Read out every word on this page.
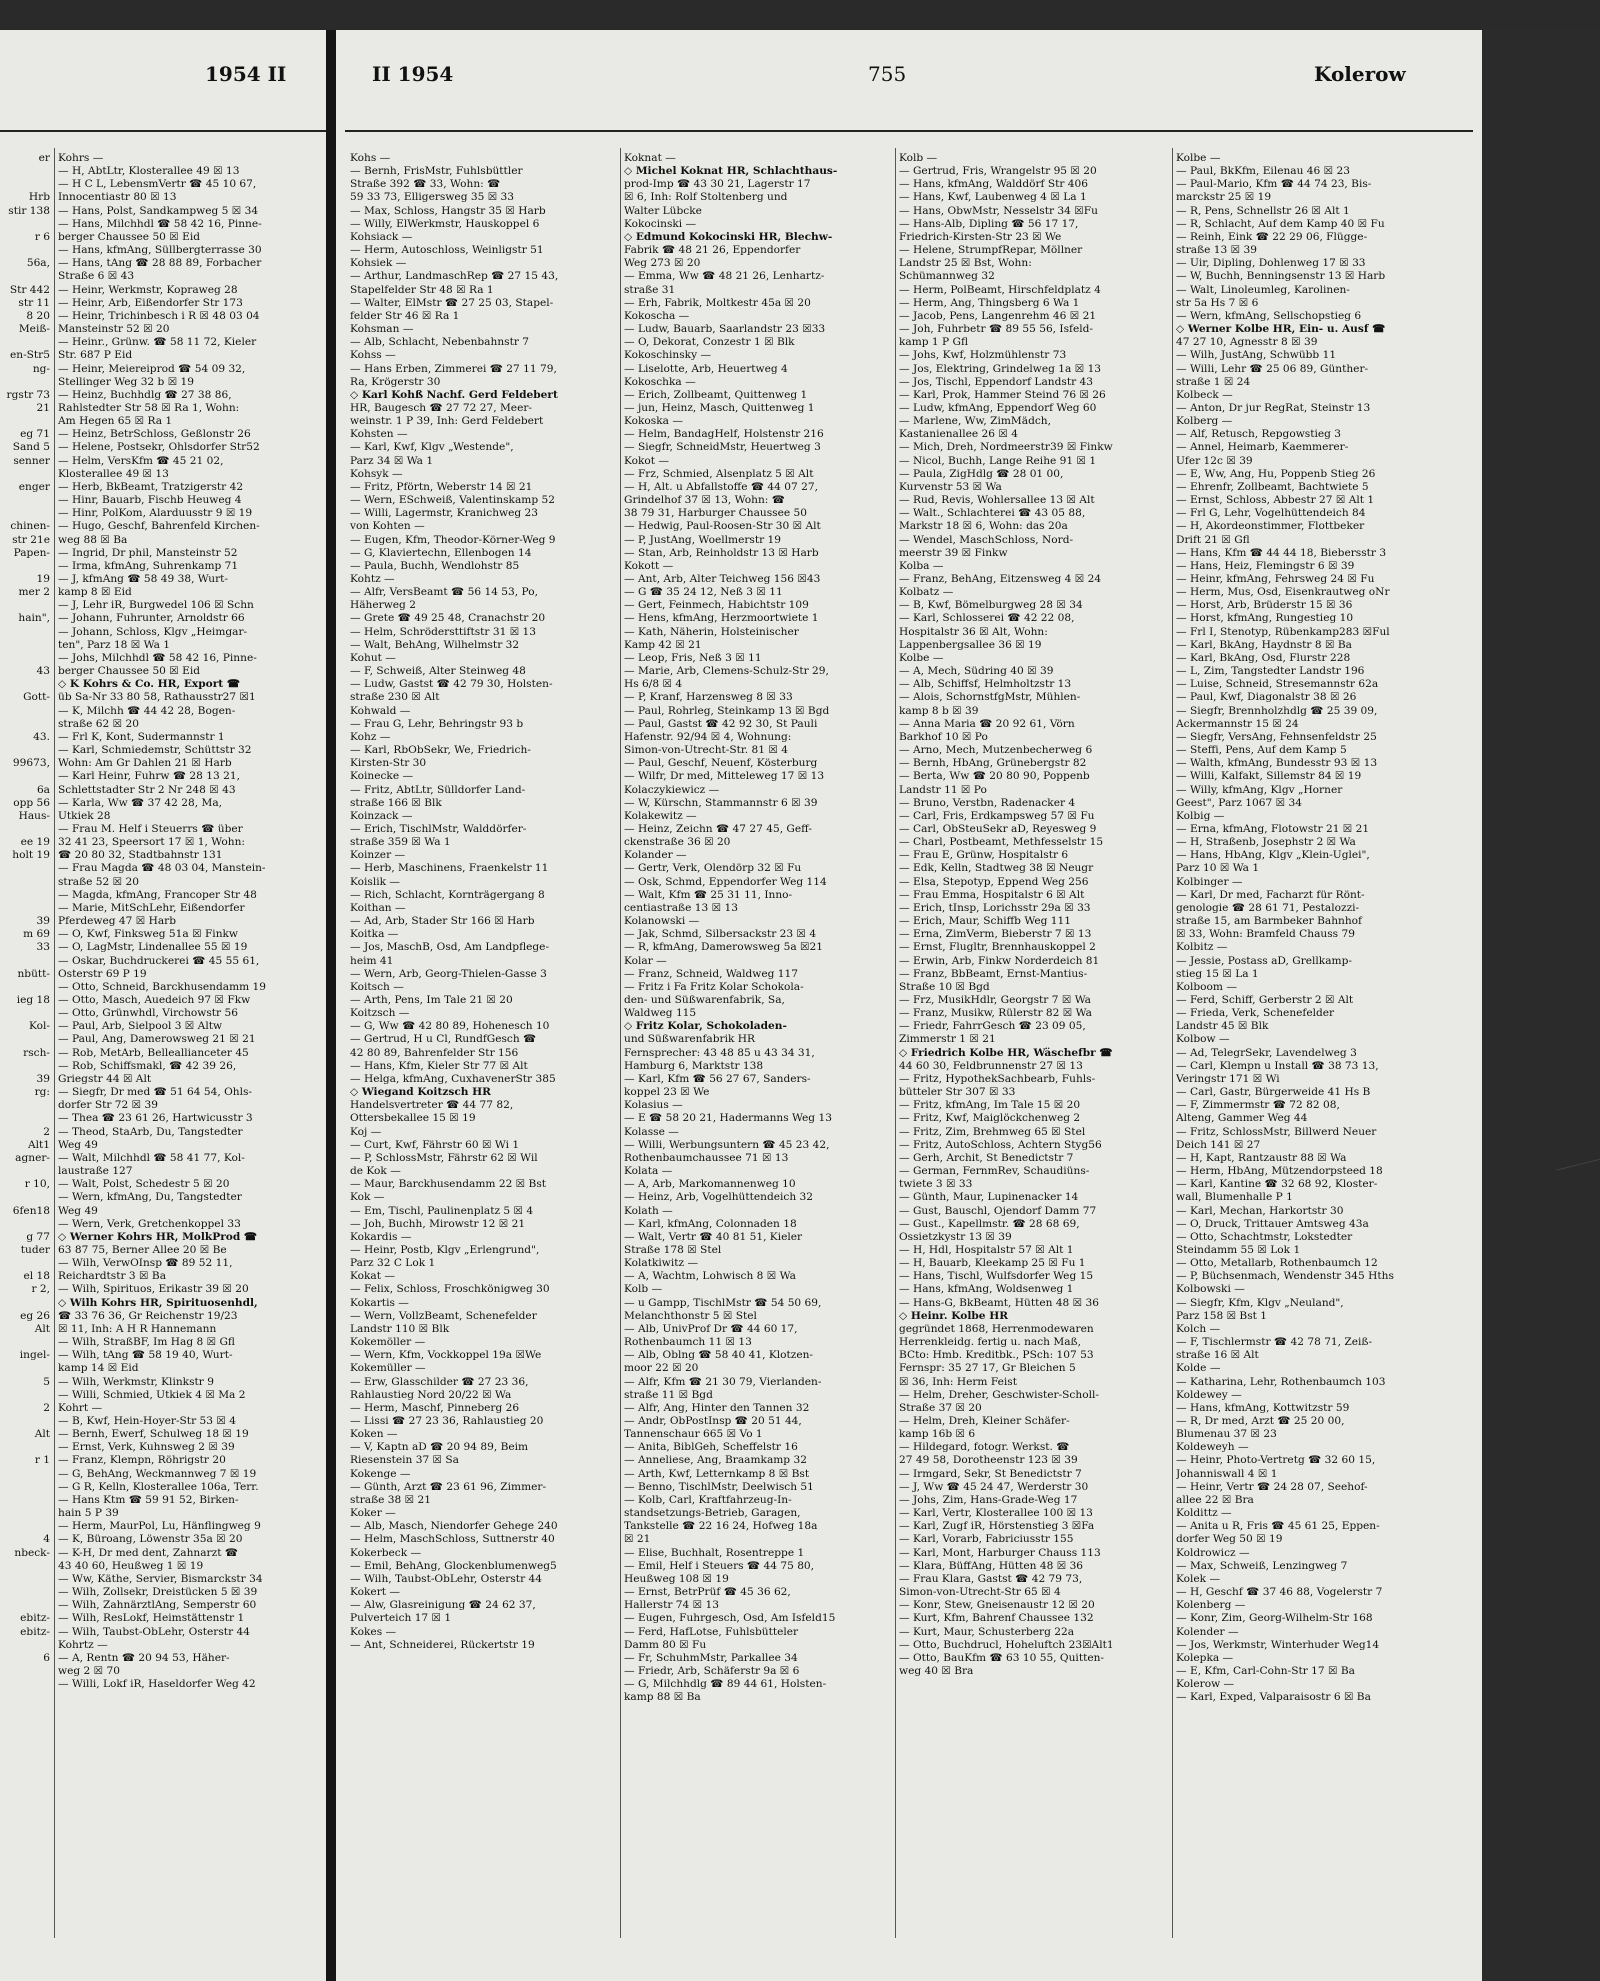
1954 II	II 1954	755	Kolerow
er

Hrb
stir 138

r 6

56a,

Str 442
str 11
8 20
Meiß-

en-Str5
ng-

rgstr 73
21

eg 71
Sand 5
senner

enger

chinen-
str 21e
Papen-

19
mer 2

hain",

43

Gott-

43.

99673,

6a
opp 56
Haus-

ee 19
holt 19

39
m 69
33

nbütt-

ieg 18

Kol-

rsch-

39
rg:

2
Alt1
agner-

r 10,

6fen18

g 77
tuder

el 18
r 2,

eg 26
Alt

ingel-

5

2

Alt

r 1

4
nbeck-

ebitz-
ebitz-

6
Kohrs —
— H, AbtLtr, Klosterallee 49 ☒ 13
— H C L, LebensmVertr ☎ 45 10 67,
Innocentiastr 80 ☒ 13
— Hans, Polst, Sandkampweg 5 ☒ 34
— Hans, Milchhdl ☎ 58 42 16, Pinne-
berger Chaussee 50 ☒ Eid
— Hans, kfmAng, Süllbergterrasse 30
— Hans, tAng ☎ 28 88 89, Forbacher
Straße 6 ☒ 43
— Heinr, Werkmstr, Kopraweg 28
— Heinr, Arb, Eißendorfer Str 173
— Heinr, Trichinbesch i R ☒ 48 03 04
Mansteinstr 52 ☒ 20
— Heinr., Grünw. ☎ 58 11 72, Kieler
Str. 687 P Eid
— Heinr, Meiereiprod ☎ 54 09 32,
Stellinger Weg 32 b ☒ 19
— Heinz, Buchhdlg ☎ 27 38 86,
Rahlstedter Str 58 ☒ Ra 1, Wohn:
Am Hegen 65 ☒ Ra 1
— Heinz, BetrSchloss, Geßlonstr 26
— Helene, Postsekr, Ohlsdorfer Str52
— Helm, VersKfm ☎ 45 21 02,
Klosterallee 49 ☒ 13
— Herb, BkBeamt, Tratzigerstr 42
— Hinr, Bauarb, Fischb Heuweg 4
— Hinr, PolKom, Alarduusstr 9 ☒ 19
— Hugo, Geschf, Bahrenfeld Kirchen-
weg 88 ☒ Ba
— Ingrid, Dr phil, Mansteinstr 52
— Irma, kfmAng, Suhrenkamp 71
— J, kfmAng ☎ 58 49 38, Wurt-
kamp 8 ☒ Eid
— J, Lehr iR, Burgwedel 106 ☒ Schn
— Johann, Fuhrunter, Arnoldstr 66
— Johann, Schloss, Klgv „Heimgar-
ten", Parz 18 ☒ Wa 1
— Johs, Milchhdl ☎ 58 42 16, Pinne-
berger Chaussee 50 ☒ Eid
◇ K Kohrs & Co. HR, Export ☎
üb Sa-Nr 33 80 58, Rathausstr27 ☒1
— K, Milchh ☎ 44 42 28, Bogen-
straße 62 ☒ 20
— Frl K, Kont, Sudermannstr 1
— Karl, Schmiedemstr, Schüttstr 32
Wohn: Am Gr Dahlen 21 ☒ Harb
— Karl Heinr, Fuhrw ☎ 28 13 21,
Schlettstadter Str 2 Nr 248 ☒ 43
— Karla, Ww ☎ 37 42 28, Ma,
Utkiek 28
— Frau M. Helf i Steuerrs ☎ über
32 41 23, Speersort 17 ☒ 1, Wohn:
☎ 20 80 32, Stadtbahnstr 131
— Frau Magda ☎ 48 03 04, Manstein-
straße 52 ☒ 20
— Magda, kfmAng, Francoper Str 48
— Marie, MitSchLehr, Eißendorfer
Pferdeweg 47 ☒ Harb
— O, Kwf, Finksweg 51a ☒ Finkw
— O, LagMstr, Lindenallee 55 ☒ 19
— Oskar, Buchdruckerei ☎ 45 55 61,
Osterstr 69 P 19
— Otto, Schneid, Barckhusendamm 19
— Otto, Masch, Auedeich 97 ☒ Fkw
— Otto, Grünwhdl, Virchowstr 56
— Paul, Arb, Sielpool 3 ☒ Altw
— Paul, Ang, Damerowsweg 21 ☒ 21
— Rob, MetArb, Belleallianceter 45
— Rob, Schiffsmakl, ☎ 42 39 26,
Griegstr 44 ☒ Alt
— Siegfr, Dr med ☎ 51 64 54, Ohls-
dorfer Str 72 ☒ 39
— Thea ☎ 23 61 26, Hartwicusstr 3
— Theod, StaArb, Du, Tangstedter
Weg 49
— Walt, Milchhdl ☎ 58 41 77, Kol-
laustraße 127
— Walt, Polst, Schedestr 5 ☒ 20
— Wern, kfmAng, Du, Tangstedter
Weg 49
— Wern, Verk, Gretchenkoppel 33
◇ Werner Kohrs HR, MolkProd ☎
63 87 75, Berner Allee 20 ☒ Be
— Wilh, VerwOInsp ☎ 89 52 11,
Reichardtstr 3 ☒ Ba
— Wilh, Spirituos, Erikastr 39 ☒ 20
◇ Wilh Kohrs HR, Spirituosenhdl,
☎ 33 76 36, Gr Reichenstr 19/23
☒ 11, Inh: A H R Hannemann
— Wilh, StraßBF, Im Hag 8 ☒ Gfl
— Wilh, tAng ☎ 58 19 40, Wurt-
kamp 14 ☒ Eid
— Wilh, Werkmstr, Klinkstr 9
— Willi, Schmied, Utkiek 4 ☒ Ma 2
Kohrt —
— B, Kwf, Hein-Hoyer-Str 53 ☒ 4
— Bernh, Ewerf, Schulweg 18 ☒ 19
— Ernst, Verk, Kuhnsweg 2 ☒ 39
— Franz, Klempn, Röhrigstr 20
— G, BehAng, Weckmannweg 7 ☒ 19
— G R, Kelln, Klosterallee 106a, Terr.
— Hans Ktm ☎ 59 91 52, Birken-
hain 5 P 39
— Herm, MaurPol, Lu, Hänflingweg 9
— K, Büroang, Löwenstr 35a ☒ 20
— K-H, Dr med dent, Zahnarzt ☎
43 40 60, Heußweg 1 ☒ 19
— Ww, Käthe, Servier, Bismarckstr 34
— Wilh, Zollsekr, Dreistücken 5 ☒ 39
— Wilh, ZahnärztlAng, Semperstr 60
— Wilh, ResLokf, Heimstättenstr 1
— Wilh, Taubst-ObLehr, Osterstr 44
Kohrtz —
— A, Rentn ☎ 20 94 53, Häher-
weg 2 ☒ 70
— Willi, Lokf iR, Haseldorfer Weg 42
Kohs —
— Bernh, FrisMstr, Fuhlsbüttler
Straße 392 ☎ 33, Wohn: ☎
59 33 73, Elligersweg 35 ☒ 33
— Max, Schloss, Hangstr 35 ☒ Harb
— Willy, ElWerkmstr, Hauskoppel 6
Kohsiack —
— Herm, Autoschloss, Weinligstr 51
Kohsiek —
— Arthur, LandmaschRep ☎ 27 15 43,
Stapelfelder Str 48 ☒ Ra 1
— Walter, ElMstr ☎ 27 25 03, Stapel-
felder Str 46 ☒ Ra 1
Kohsman —
— Alb, Schlacht, Nebenbahnstr 7
Kohss —
— Hans Erben, Zimmerei ☎ 27 11 79,
Ra, Krögerstr 30
◇ Karl Kohß Nachf. Gerd Feldebert
HR, Baugesch ☎ 27 72 27, Meer-
weinstr. 1 P 39, Inh: Gerd Feldebert
Kohsten —
— Karl, Kwf, Klgv „Westende",
Parz 34 ☒ Wa 1
Kohsyk —
— Fritz, Pförtn, Weberstr 14 ☒ 21
— Wern, ESchweiß, Valentinskamp 52
— Willi, Lagermstr, Kranichweg 23
von Kohten —
— Eugen, Kfm, Theodor-Körner-Weg 9
— G, Klaviertechn, Ellenbogen 14
— Paula, Buchh, Wendlohstr 85
Kohtz —
— Alfr, VersBeamt ☎ 56 14 53, Po,
Häherweg 2
— Grete ☎ 49 25 48, Cranachstr 20
— Helm, Schrödersttiftstr 31 ☒ 13
— Walt, BehAng, Wilhelmstr 32
Kohut —
— F, Schweiß, Alter Steinweg 48
— Ludw, Gastst ☎ 42 79 30, Holsten-
straße 230 ☒ Alt
Kohwald —
— Frau G, Lehr, Behringstr 93 b
Kohz —
— Karl, RbObSekr, We, Friedrich-
Kirsten-Str 30
Koinecke —
— Fritz, AbtLtr, Sülldorfer Land-
straße 166 ☒ Blk
Koinzack —
— Erich, TischlMstr, Walddörfer-
straße 359 ☒ Wa 1
Koinzer —
— Herb, Maschinens, Fraenkelstr 11
Koislik —
— Rich, Schlacht, Kornträgergang 8
Koithan —
— Ad, Arb, Stader Str 166 ☒ Harb
Koitka —
— Jos, MaschB, Osd, Am Landpflege-
heim 41
— Wern, Arb, Georg-Thielen-Gasse 3
Koitsch —
— Arth, Pens, Im Tale 21 ☒ 20
Koitzsch —
— G, Ww ☎ 42 80 89, Hohenesch 10
— Gertrud, H u Cl, RundfGesch ☎
42 80 89, Bahrenfelder Str 156
— Hans, Kfm, Kieler Str 77 ☒ Alt
— Helga, kfmAng, CuxhavenerStr 385
◇ Wiegand Koitzsch HR
Handelsvertreter ☎ 44 77 82,
Ottersbekallee 15 ☒ 19
Koj —
— Curt, Kwf, Fährstr 60 ☒ Wi 1
— P, SchlossMstr, Fährstr 62 ☒ Wil
de Kok —
— Maur, Barckhusendamm 22 ☒ Bst
Kok —
— Em, Tischl, Paulinenplatz 5 ☒ 4
— Joh, Buchh, Mirowstr 12 ☒ 21
Kokardis —
— Heinr, Postb, Klgv „Erlengrund",
Parz 32 C Lok 1
Kokat —
— Felix, Schloss, Froschkönigweg 30
Kokartis —
— Wern, VollzBeamt, Schenefelder
Landstr 110 ☒ Blk
Kokemöller —
— Wern, Kfm, Vockkoppel 19a ☒We
Kokemüller —
— Erw, Glasschilder ☎ 27 23 36,
Rahlaustieg Nord 20/22 ☒ Wa
— Herm, Maschf, Pinneberg 26
— Lissi ☎ 27 23 36, Rahlaustieg 20
Koken —
— V, Kaptn aD ☎ 20 94 89, Beim
Riesenstein 37 ☒ Sa
Kokenge —
— Günth, Arzt ☎ 23 61 96, Zimmer-
straße 38 ☒ 21
Koker —
— Alb, Masch, Niendorfer Gehege 240
— Helm, MaschSchloss, Suttnerstr 40
Kokerbeck —
— Emil, BehAng, Glockenblumenweg5
— Wilh, Taubst-ObLehr, Osterstr 44
Kokert —
— Alw, Glasreinigung ☎ 24 62 37,
Pulverteich 17 ☒ 1
Kokes —
— Ant, Schneiderei, Rückertstr 19
Koknat —
◇ Michel Koknat HR, Schlachthaus-
prod-Imp ☎ 43 30 21, Lagerstr 17
☒ 6, Inh: Rolf Stoltenberg und
Walter Lübcke
Kokocinski —
◇ Edmund Kokocinski HR, Blechw-
Fabrik ☎ 48 21 26, Eppendorfer
Weg 273 ☒ 20
— Emma, Ww ☎ 48 21 26, Lenhartz-
straße 31
— Erh, Fabrik, Moltkestr 45a ☒ 20
Kokoscha —
— Ludw, Bauarb, Saarlandstr 23 ☒33
— O, Dekorat, Conzestr 1 ☒ Blk
Kokoschinsky —
— Liselotte, Arb, Heuertweg 4
Kokoschka —
— Erich, Zollbeamt, Quittenweg 1
— jun, Heinz, Masch, Quittenweg 1
Kokoska —
— Helm, BandagHelf, Holstenstr 216
— Siegfr, SchneidMstr, Heuertweg 3
Kokot —
— Frz, Schmied, Alsenplatz 5 ☒ Alt
— H, Alt. u Abfallstoffe ☎ 44 07 27,
Grindelhof 37 ☒ 13, Wohn: ☎
38 79 31, Harburger Chaussee 50
— Hedwig, Paul-Roosen-Str 30 ☒ Alt
— P, JustAng, Woellmerstr 19
— Stan, Arb, Reinholdstr 13 ☒ Harb
Kokott —
— Ant, Arb, Alter Teichweg 156 ☒43
— G ☎ 35 24 12, Neß 3 ☒ 11
— Gert, Feinmech, Habichtstr 109
— Hens, kfmAng, Herzmoortwiete 1
— Kath, Näherin, Holsteinischer
Kamp 42 ☒ 21
— Leop, Fris, Neß 3 ☒ 11
— Marie, Arb, Clemens-Schulz-Str 29,
Hs 6/8 ☒ 4
— P, Kranf, Harzensweg 8 ☒ 33
— Paul, Rohrleg, Steinkamp 13 ☒ Bgd
— Paul, Gastst ☎ 42 92 30, St Pauli
Hafenstr. 92/94 ☒ 4, Wohnung:
Simon-von-Utrecht-Str. 81 ☒ 4
— Paul, Geschf, Neuenf, Kösterburg
— Wilfr, Dr med, Mitteleweg 17 ☒ 13
Kolaczykiewicz —
— W, Kürschn, Stammannstr 6 ☒ 39
Kolakewitz —
— Heinz, Zeichn ☎ 47 27 45, Geff-
ckenstraße 36 ☒ 20
Kolander —
— Gertr, Verk, Olendörp 32 ☒ Fu
— Osk, Schmd, Eppendorfer Weg 114
— Walt, Kfm ☎ 25 31 11, Inno-
centiastraße 13 ☒ 13
Kolanowski —
— Jak, Schmd, Silbersackstr 23 ☒ 4
— R, kfmAng, Damerowsweg 5a ☒21
Kolar —
— Franz, Schneid, Waldweg 117
— Fritz i Fa Fritz Kolar Schokola-
den- und Süßwarenfabrik, Sa,
Waldweg 115
◇ Fritz Kolar, Schokoladen-
und Süßwarenfabrik HR
Fernsprecher: 43 48 85 u 43 34 31,
Hamburg 6, Marktstr 138
— Karl, Kfm ☎ 56 27 67, Sanders-
koppel 23 ☒ We
Kolasius —
— E ☎ 58 20 21, Hadermanns Weg 13
Kolasse —
— Willi, Werbungsuntern ☎ 45 23 42,
Rothenbaumchaussee 71 ☒ 13
Kolata —
— A, Arb, Markomannenweg 10
— Heinz, Arb, Vogelhüttendeich 32
Kolath —
— Karl, kfmAng, Colonnaden 18
— Walt, Vertr ☎ 40 81 51, Kieler
Straße 178 ☒ Stel
Kolatkiwitz —
— A, Wachtm, Lohwisch 8 ☒ Wa
Kolb —
— u Gampp, TischlMstr ☎ 54 50 69,
Melanchthonstr 5 ☒ Stel
— Alb, UnivProf Dr ☎ 44 60 17,
Rothenbaumch 11 ☒ 13
— Alb, Oblng ☎ 58 40 41, Klotzen-
moor 22 ☒ 20
— Alfr, Kfm ☎ 21 30 79, Vierlanden-
straße 11 ☒ Bgd
— Alfr, Ang, Hinter den Tannen 32
— Andr, ObPostInsp ☎ 20 51 44,
Tannenschaur 665 ☒ Vo 1
— Anita, BiblGeh, Scheffelstr 16
— Anneliese, Ang, Braamkamp 32
— Arth, Kwf, Letternkamp 8 ☒ Bst
— Benno, TischlMstr, Deelwisch 51
— Kolb, Carl, Kraftfahrzeug-In-
standsetzungs-Betrieb, Garagen,
Tankstelle ☎ 22 16 24, Hofweg 18a
☒ 21
— Elise, Buchhalt, Rosentreppe 1
— Emil, Helf i Steuers ☎ 44 75 80,
Heußweg 108 ☒ 19
— Ernst, BetrPrüf ☎ 45 36 62,
Hallerstr 74 ☒ 13
— Eugen, Fuhrgesch, Osd, Am Isfeld15
— Ferd, HafLotse, Fuhlsbütteler
Damm 80 ☒ Fu
— Fr, SchuhmMstr, Parkallee 34
— Friedr, Arb, Schäferstr 9a ☒ 6
— G, Milchhdlg ☎ 89 44 61, Holsten-
kamp 88 ☒ Ba
Kolb —
— Gertrud, Fris, Wrangelstr 95 ☒ 20
— Hans, kfmAng, Walddörf Str 406
— Hans, Kwf, Laubenweg 4 ☒ La 1
— Hans, ObwMstr, Nesselstr 34 ☒Fu
— Hans-Alb, Dipling ☎ 56 17 17,
Friedrich-Kirsten-Str 23 ☒ We
— Helene, StrumpfRepar, Möllner
Landstr 25 ☒ Bst, Wohn:
Schümannweg 32
— Herm, PolBeamt, Hirschfeldplatz 4
— Herm, Ang, Thingsberg 6 Wa 1
— Jacob, Pens, Langenrehm 46 ☒ 21
— Joh, Fuhrbetr ☎ 89 55 56, Isfeld-
kamp 1 P Gfl
— Johs, Kwf, Holzmühlenstr 73
— Jos, Elektring, Grindelweg 1a ☒ 13
— Jos, Tischl, Eppendorf Landstr 43
— Karl, Prok, Hammer Steind 76 ☒ 26
— Ludw, kfmAng, Eppendorf Weg 60
— Marlene, Ww, ZimMädch,
Kastanienallee 26 ☒ 4
— Mich, Dreh, Nordmeerstr39 ☒ Finkw
— Nicol, Buchh, Lange Reihe 91 ☒ 1
— Paula, ZigHdlg ☎ 28 01 00,
Kurvenstr 53 ☒ Wa
— Rud, Revis, Wohlersallee 13 ☒ Alt
— Walt., Schlachterei ☎ 43 05 88,
Markstr 18 ☒ 6, Wohn: das 20a
— Wendel, MaschSchloss, Nord-
meerstr 39 ☒ Finkw
Kolba —
— Franz, BehAng, Eitzensweg 4 ☒ 24
Kolbatz —
— B, Kwf, Bömelburgweg 28 ☒ 34
— Karl, Schlosserei ☎ 42 22 08,
Hospitalstr 36 ☒ Alt, Wohn:
Lappenbergsallee 36 ☒ 19
Kolbe —
— A, Mech, Südring 40 ☒ 39
— Alb, Schiffsf, Helmholtzstr 13
— Alois, SchornstfgMstr, Mühlen-
kamp 8 b ☒ 39
— Anna Maria ☎ 20 92 61, Vörn
Barkhof 10 ☒ Po
— Arno, Mech, Mutzenbecherweg 6
— Bernh, HbAng, Grünebergstr 82
— Berta, Ww ☎ 20 80 90, Poppenb
Landstr 11 ☒ Po
— Bruno, Verstbn, Radenacker 4
— Carl, Fris, Erdkampsweg 57 ☒ Fu
— Carl, ObSteuSekr aD, Reyesweg 9
— Charl, Postbeamt, Methfesselstr 15
— Frau E, Grünw, Hospitalstr 6
— Edk, Kelln, Stadtweg 38 ☒ Neugr
— Elsa, Stepotyp, Eppend Weg 256
— Frau Emma, Hospitalstr 6 ☒ Alt
— Erich, tInsp, Lorichsstr 29a ☒ 33
— Erich, Maur, Schiffb Weg 111
— Erna, ZimVerm, Bieberstr 7 ☒ 13
— Ernst, Flugltr, Brennhauskoppel 2
— Erwin, Arb, Finkw Norderdeich 81
— Franz, BbBeamt, Ernst-Mantius-
Straße 10 ☒ Bgd
— Frz, MusikHdlr, Georgstr 7 ☒ Wa
— Franz, Musikw, Rülerstr 82 ☒ Wa
— Friedr, FahrrGesch ☎ 23 09 05,
Zimmerstr 1 ☒ 21
◇ Friedrich Kolbe HR, Wäschefbr ☎
44 60 30, Feldbrunnenstr 27 ☒ 13
— Fritz, HypothekSachbearb, Fuhls-
bütteler Str 307 ☒ 33
— Fritz, kfmAng, Im Tale 15 ☒ 20
— Fritz, Kwf, Maiglöckchenweg 2
— Fritz, Zim, Brehmweg 65 ☒ Stel
— Fritz, AutoSchloss, Achtern Styg56
— Gerh, Archit, St Benedictstr 7
— German, FernmRev, Schaudiüns-
twiete 3 ☒ 33
— Günth, Maur, Lupinenacker 14
— Gust, Bauschl, Ojendorf Damm 77
— Gust., Kapellmstr. ☎ 28 68 69,
Ossietzkystr 13 ☒ 39
— H, Hdl, Hospitalstr 57 ☒ Alt 1
— H, Bauarb, Kleekamp 25 ☒ Fu 1
— Hans, Tischl, Wulfsdorfer Weg 15
— Hans, kfmAng, Woldsenweg 1
— Hans-G, BkBeamt, Hütten 48 ☒ 36
◇ Heinr. Kolbe HR
gegründet 1868, Herrenmodewaren
Herrenkleidg. fertig u. nach Maß,
BCto: Hmb. Kreditbk., PSch: 107 53
Fernspr: 35 27 17, Gr Bleichen 5
☒ 36, Inh: Herm Feist
— Helm, Dreher, Geschwister-Scholl-
Straße 37 ☒ 20
— Helm, Dreh, Kleiner Schäfer-
kamp 16b ☒ 6
— Hildegard, fotogr. Werkst. ☎
27 49 58, Dorotheenstr 123 ☒ 39
— Irmgard, Sekr, St Benedictstr 7
— J, Ww ☎ 45 24 47, Werderstr 30
— Johs, Zim, Hans-Grade-Weg 17
— Karl, Vertr, Klosterallee 100 ☒ 13
— Karl, Zugf iR, Hörstenstieg 3 ☒Fa
— Karl, Vorarb, Fabriciusstr 155
— Karl, Mont, Harburger Chauss 113
— Klara, BüffAng, Hütten 48 ☒ 36
— Frau Klara, Gastst ☎ 42 79 73,
Simon-von-Utrecht-Str 65 ☒ 4
— Konr, Stew, Gneisenaustr 12 ☒ 20
— Kurt, Kfm, Bahrenf Chaussee 132
— Kurt, Maur, Schusterberg 22a
— Otto, Buchdrucl, Hoheluftch 23☒Alt1
— Otto, BauKfm ☎ 63 10 55, Quitten-
weg 40 ☒ Bra
Kolbe —
— Paul, BkKfm, Eilenau 46 ☒ 23
— Paul-Mario, Kfm ☎ 44 74 23, Bis-
marckstr 25 ☒ 19
— R, Pens, Schnellstr 26 ☒ Alt 1
— R, Schlacht, Auf dem Kamp 40 ☒ Fu
— Reinh, Eink ☎ 22 29 06, Flügge-
straße 13 ☒ 39
— Uir, Dipling, Dohlenweg 17 ☒ 33
— W, Buchh, Benningsenstr 13 ☒ Harb
— Walt, Linoleumleg, Karolinen-
str 5a Hs 7 ☒ 6
— Wern, kfmAng, Sellschopstieg 6
◇ Werner Kolbe HR, Ein- u. Ausf ☎
47 27 10, Agnesstr 8 ☒ 39
— Wilh, JustAng, Schwübb 11
— Willi, Lehr ☎ 25 06 89, Günther-
straße 1 ☒ 24
Kolbeck —
— Anton, Dr jur RegRat, Steinstr 13
Kolberg —
— Alf, Retusch, Repgowstieg 3
— Annel, Heimarb, Kaemmerer-
Ufer 12c ☒ 39
— E, Ww, Ang, Hu, Poppenb Stieg 26
— Ehrenfr, Zollbeamt, Bachtwiete 5
— Ernst, Schloss, Abbestr 27 ☒ Alt 1
— Frl G, Lehr, Vogelhüttendeich 84
— H, Akordeonstimmer, Flottbeker
Drift 21 ☒ Gfl
— Hans, Kfm ☎ 44 44 18, Biebersstr 3
— Hans, Heiz, Flemingstr 6 ☒ 39
— Heinr, kfmAng, Fehrsweg 24 ☒ Fu
— Herm, Mus, Osd, Eisenkrautweg oNr
— Horst, Arb, Brüderstr 15 ☒ 36
— Horst, kfmAng, Rungestieg 10
— Frl I, Stenotyp, Rübenkamp283 ☒Ful
— Karl, BkAng, Haydnstr 8 ☒ Ba
— Karl, BkAng, Osd, Flurstr 228
— L, Zim, Tangstedter Landstr 196
— Luise, Schneid, Stresemannstr 62a
— Paul, Kwf, Diagonalstr 38 ☒ 26
— Siegfr, Brennholzhdlg ☎ 25 39 09,
Ackermannstr 15 ☒ 24
— Siegfr, VersAng, Fehnsenfeldstr 25
— Steffi, Pens, Auf dem Kamp 5
— Walth, kfmAng, Bundesstr 93 ☒ 13
— Willi, Kalfakt, Sillemstr 84 ☒ 19
— Willy, kfmAng, Klgv „Horner
Geest", Parz 1067 ☒ 34
Kolbig —
— Erna, kfmAng, Flotowstr 21 ☒ 21
— H, Straßenb, Josephstr 2 ☒ Wa
— Hans, HbAng, Klgv „Klein-Uglei",
Parz 10 ☒ Wa 1
Kolbinger —
— Karl, Dr med, Facharzt für Rönt-
genologie ☎ 28 61 71, Pestalozzi-
straße 15, am Barmbeker Bahnhof
☒ 33, Wohn: Bramfeld Chauss 79
Kolbitz —
— Jessie, Postass aD, Grellkamp-
stieg 15 ☒ La 1
Kolboom —
— Ferd, Schiff, Gerberstr 2 ☒ Alt
— Frieda, Verk, Schenefelder
Landstr 45 ☒ Blk
Kolbow —
— Ad, TelegrSekr, Lavendelweg 3
— Carl, Klempn u Install ☎ 38 73 13,
Veringstr 171 ☒ Wi
— Carl, Gastr, Bürgerweide 41 Hs B
— F, Zimmermstr ☎ 72 82 08,
Alteng, Gammer Weg 44
— Fritz, SchlossMstr, Billwerd Neuer
Deich 141 ☒ 27
— H, Kapt, Rantzaustr 88 ☒ Wa
— Herm, HbAng, Mützendorpsteed 18
— Karl, Kantine ☎ 32 68 92, Kloster-
wall, Blumenhalle P 1
— Karl, Mechan, Harkortstr 30
— O, Druck, Trittauer Amtsweg 43a
— Otto, Schachtmstr, Lokstedter
Steindamm 55 ☒ Lok 1
— Otto, Metallarb, Rothenbaumch 12
— P, Büchsenmach, Wendenstr 345 Hths
Kolbowski —
— Siegfr, Kfm, Klgv „Neuland",
Parz 158 ☒ Bst 1
Kolch —
— F, Tischlermstr ☎ 42 78 71, Zeiß-
straße 16 ☒ Alt
Kolde —
— Katharina, Lehr, Rothenbaumch 103
Koldewey —
— Hans, kfmAng, Kottwitzstr 59
— R, Dr med, Arzt ☎ 25 20 00,
Blumenau 37 ☒ 23
Koldeweyh —
— Heinr, Photo-Vertretg ☎ 32 60 15,
Johanniswall 4 ☒ 1
— Heinr, Vertr ☎ 24 28 07, Seehof-
allee 22 ☒ Bra
Koldittz —
— Anita u R, Fris ☎ 45 61 25, Eppen-
dorfer Weg 50 ☒ 19
Koldrowicz —
— Max, Schweiß, Lenzingweg 7
Kolek —
— H, Geschf ☎ 37 46 88, Vogelerstr 7
Kolenberg —
— Konr, Zim, Georg-Wilhelm-Str 168
Kolender —
— Jos, Werkmstr, Winterhuder Weg14
Kolepka —
— E, Kfm, Carl-Cohn-Str 17 ☒ Ba
Kolerow —
— Karl, Exped, Valparaisostr 6 ☒ Ba
